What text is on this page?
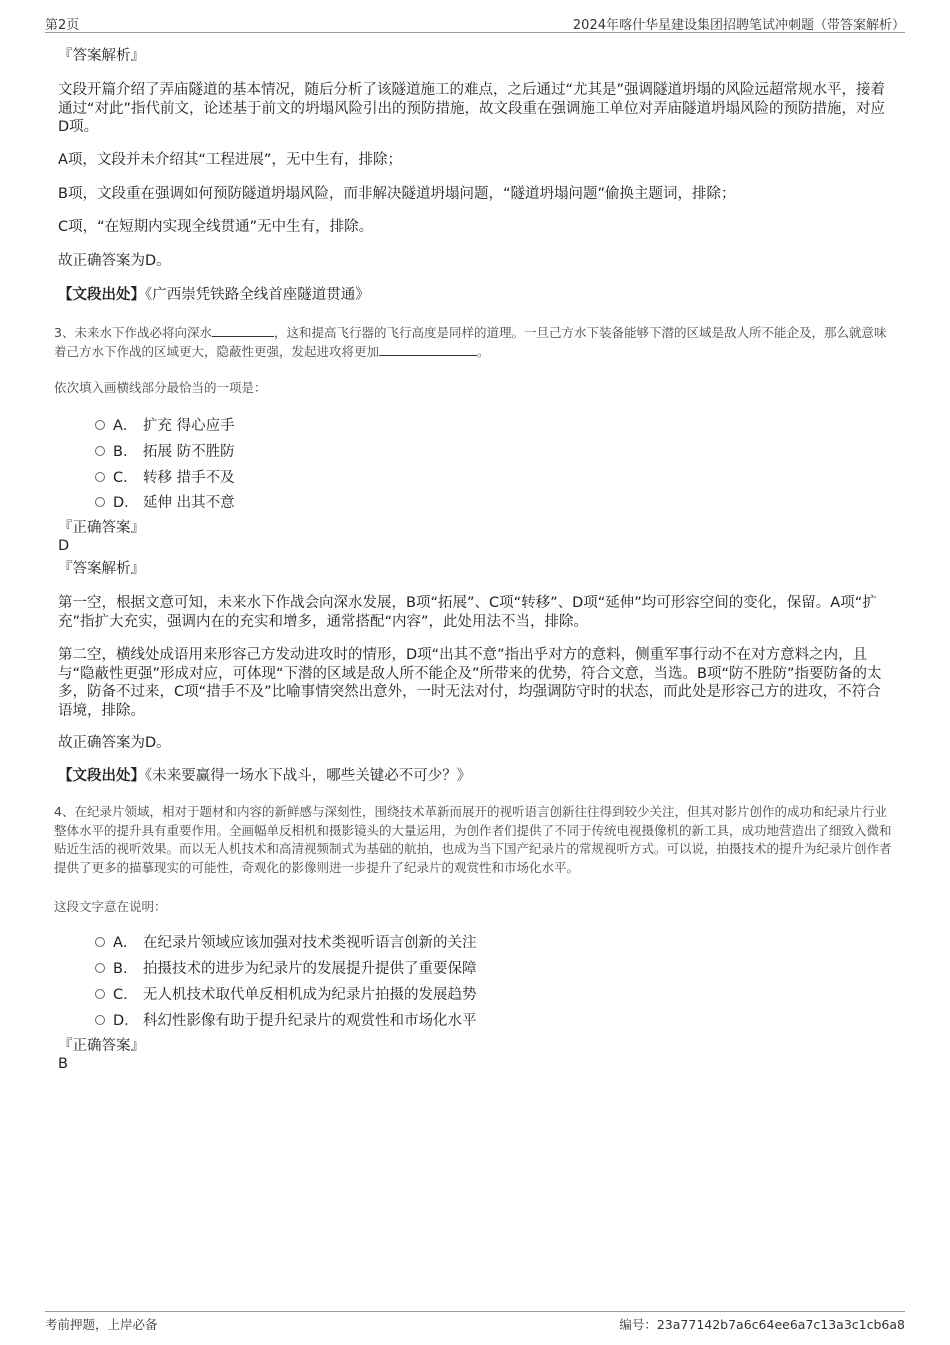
第2页	2024年喀什华星建设集团招聘笔试冲刺题（带答案解析）
『答案解析』
文段开篇介绍了弄庙隧道的基本情况，随后分析了该隧道施工的难点，之后通过“尤其是”强调隧道坍塌的风险远超常规水平，接着通过“对此”指代前文，论述基于前文的坍塌风险引出的预防措施，故文段重在强调施工单位对弄庙隧道坍塌风险的预防措施，对应D项。
A项，文段并未介绍其“工程进展”，无中生有，排除；
B项，文段重在强调如何预防隧道坍塌风险，而非解决隧道坍塌问题，“隧道坍塌问题”偷换主题词，排除；
C项，“在短期内实现全线贯通”无中生有，排除。
故正确答案为D。
【文段出处】《广西崇凭铁路全线首座隧道贯通》
3、未来水下作战必将向深水	，这和提高飞行器的飞行高度是同样的道理。一旦己方水下装备能够下潜的区域是敌人所不能企及，那么就意味着己方水下作战的区域更大，隐蔽性更强，发起进攻将更加	。
依次填入画横线部分最恰当的一项是：
A． 扩充 得心应手
B． 拓展 防不胜防
C． 转移 措手不及
D． 延伸 出其不意
『正确答案』
D
『答案解析』
第一空，根据文意可知，未来水下作战会向深水发展，B项“拓展”、C项“转移”、D项“延伸”均可形容空间的变化，保留。A项“扩充”指扩大充实，强调内在的充实和增多，通常搭配“内容”，此处用法不当，排除。
第二空，横线处成语用来形容己方发动进攻时的情形，D项“出其不意”指出乎对方的意料，侧重军事行动不在对方意料之内，且与“隐蔽性更强”形成对应，可体现“下潜的区域是敌人所不能企及”所带来的优势，符合文意，当选。B项“防不胜防”指要防备的太多，防备不过来，C项“措手不及”比喻事情突然出意外，一时无法对付，均强调防守时的状态，而此处是形容己方的进攻，不符合语境，排除。
故正确答案为D。
【文段出处】《未来要赢得一场水下战斗，哪些关键必不可少？》
4、在纪录片领域，相对于题材和内容的新鲜感与深刻性，围绕技术革新而展开的视听语言创新往往得到较少关注，但其对影片创作的成功和纪录片行业整体水平的提升具有重要作用。全画幅单反相机和摄影镜头的大量运用，为创作者们提供了不同于传统电视摄像机的新工具，成功地营造出了细致入微和贴近生活的视听效果。而以无人机技术和高清视频制式为基础的航拍，也成为当下国产纪录片的常规视听方式。可以说，拍摄技术的提升为纪录片创作者提供了更多的描摹现实的可能性，奇观化的影像则进一步提升了纪录片的观赏性和市场化水平。
这段文字意在说明：
A． 在纪录片领域应该加强对技术类视听语言创新的关注
B． 拍摄技术的进步为纪录片的发展提升提供了重要保障
C． 无人机技术取代单反相机成为纪录片拍摄的发展趋势
D． 科幻性影像有助于提升纪录片的观赏性和市场化水平
『正确答案』
B
考前押题，上岸必备	编号：23a77142b7a6c64ee6a7c13a3c1cb6a8
